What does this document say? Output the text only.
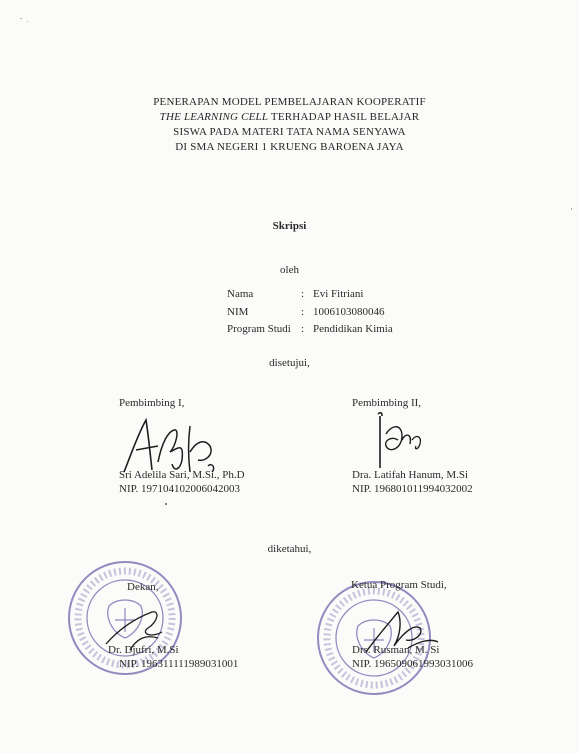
PENERAPAN MODEL PEMBELAJARAN KOOPERATIF
THE LEARNING CELL TERHADAP HASIL BELAJAR
SISWA PADA MATERI TATA NAMA SENYAWA
DI SMA NEGERI 1 KRUENG BAROENA JAYA
Skripsi
oleh
Nama	: Evi Fitriani
NIM	: 1006103080046
Program Studi : Pendidikan Kimia
disetujui,
Pembimbing I,
Sri Adelila Sari, M.Si., Ph.D
NIP. 197104102006042003
Pembimbing II,
Dra. Latifah Hanum, M.Si
NIP. 196801011994032002
diketahui,
Dekan,
Dr. Djufri, M.Si
NIP. 196311111989031001
Ketua Program Studi,
Drs. Rusman, M. Si
NIP. 196509061993031006
